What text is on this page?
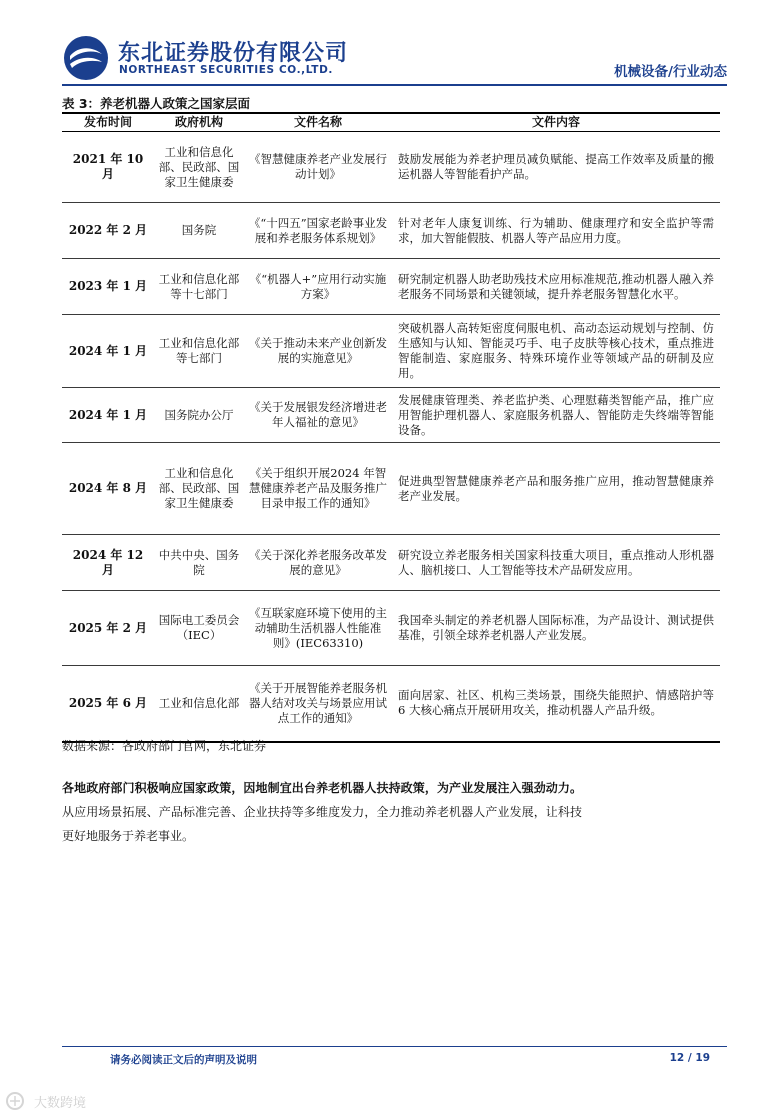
东北证券股份有限公司
NORTHEAST SECURITIES CO.,LTD.	机械设备/行业动态
表 3：养老机器人政策之国家层面
发布时间	政府机构	文件名称	文件内容
2021 年 10 月	工业和信息化部、民政部、国家卫生健康委	《智慧健康养老产业发展行动计划》	鼓励发展能为养老护理员减负赋能、提高工作效率及质量的搬运机器人等智能看护产品。
2022 年 2 月	国务院	《“十四五”国家老龄事业发展和养老服务体系规划》	针对老年人康复训练、行为辅助、健康理疗和安全监护等需求，加大智能假肢、机器人等产品应用力度。
2023 年 1 月	工业和信息化部等十七部门	《“机器人+”应用行动实施方案》	研究制定机器人助老助残技术应用标准规范,推动机器人融入养老服务不同场景和关键领域，提升养老服务智慧化水平。
2024 年 1 月	工业和信息化部等七部门	《关于推动未来产业创新发展的实施意见》	突破机器人高转矩密度伺服电机、高动态运动规划与控制、仿生感知与认知、智能灵巧手、电子皮肤等核心技术，重点推进智能制造、家庭服务、特殊环境作业等领域产品的研制及应用。
2024 年 1 月	国务院办公厅	《关于发展银发经济增进老年人福祉的意见》	发展健康管理类、养老监护类、心理慰藉类智能产品，推广应用智能护理机器人、家庭服务机器人、智能防走失终端等智能设备。
2024 年 8 月	工业和信息化部、民政部、国家卫生健康委	《关于组织开展2024 年智慧健康养老产品及服务推广目录申报工作的通知》	促进典型智慧健康养老产品和服务推广应用，推动智慧健康养老产业发展。
2024 年 12 月	中共中央、国务院	《关于深化养老服务改革发展的意见》	研究设立养老服务相关国家科技重大项目，重点推动人形机器人、脑机接口、人工智能等技术产品研发应用。
2025 年 2 月	国际电工委员会（IEC）	《互联家庭环境下使用的主动辅助生活机器人性能准则》(IEC63310)	我国牵头制定的养老机器人国际标准，为产品设计、测试提供基准，引领全球养老机器人产业发展。
2025 年 6 月	工业和信息化部	《关于开展智能养老服务机器人结对攻关与场景应用试点工作的通知》	面向居家、社区、机构三类场景，围绕失能照护、情感陪护等 6 大核心痛点开展研用攻关，推动机器人产品升级。
数据来源：各政府部门官网，东北证券
各地政府部门积极响应国家政策，因地制宜出台养老机器人扶持政策，为产业发展注入强劲动力。从应用场景拓展、产品标准完善、企业扶持等多维度发力，全力推动养老机器人产业发展，让科技更好地服务于养老事业。
请务必阅读正文后的声明及说明	12 / 19
大数跨境
